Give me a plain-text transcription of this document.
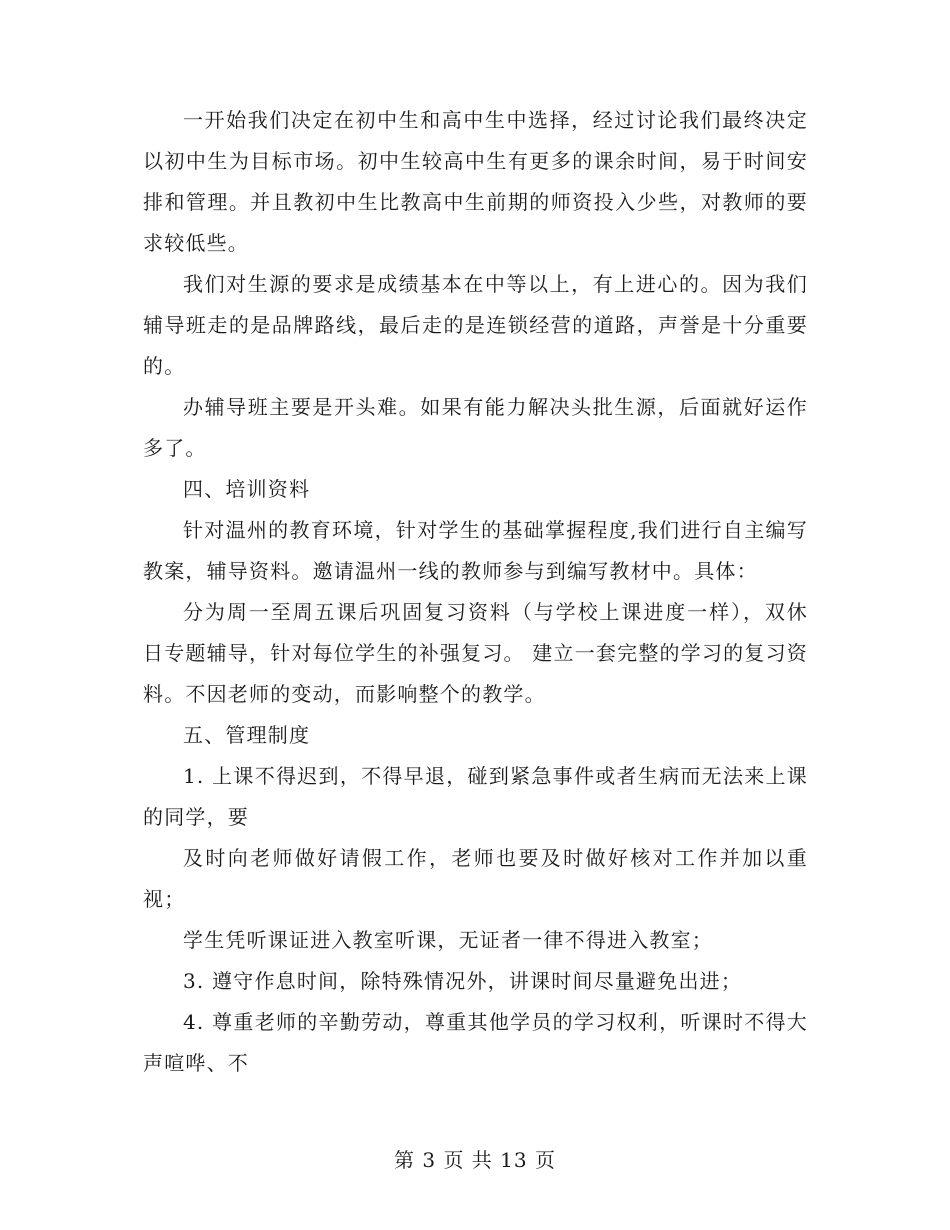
一开始我们决定在初中生和高中生中选择，经过讨论我们最终决定以初中生为目标市场。初中生较高中生有更多的课余时间，易于时间安排和管理。并且教初中生比教高中生前期的师资投入少些，对教师的要求较低些。

我们对生源的要求是成绩基本在中等以上，有上进心的。因为我们辅导班走的是品牌路线，最后走的是连锁经营的道路，声誉是十分重要的。

办辅导班主要是开头难。如果有能力解决头批生源，后面就好运作多了。

四、培训资料

针对温州的教育环境，针对学生的基础掌握程度,我们进行自主编写教案，辅导资料。邀请温州一线的教师参与到编写教材中。具体：

分为周一至周五课后巩固复习资料（与学校上课进度一样），双休日专题辅导，针对每位学生的补强复习。 建立一套完整的学习的复习资料。不因老师的变动，而影响整个的教学。

五、管理制度

1. 上课不得迟到，不得早退，碰到紧急事件或者生病而无法来上课的同学，要

及时向老师做好请假工作，老师也要及时做好核对工作并加以重视；

学生凭听课证进入教室听课，无证者一律不得进入教室；

3. 遵守作息时间，除特殊情况外，讲课时间尽量避免出进；

4. 尊重老师的辛勤劳动，尊重其他学员的学习权利，听课时不得大声喧哗、不

第 3 页 共 13 页
